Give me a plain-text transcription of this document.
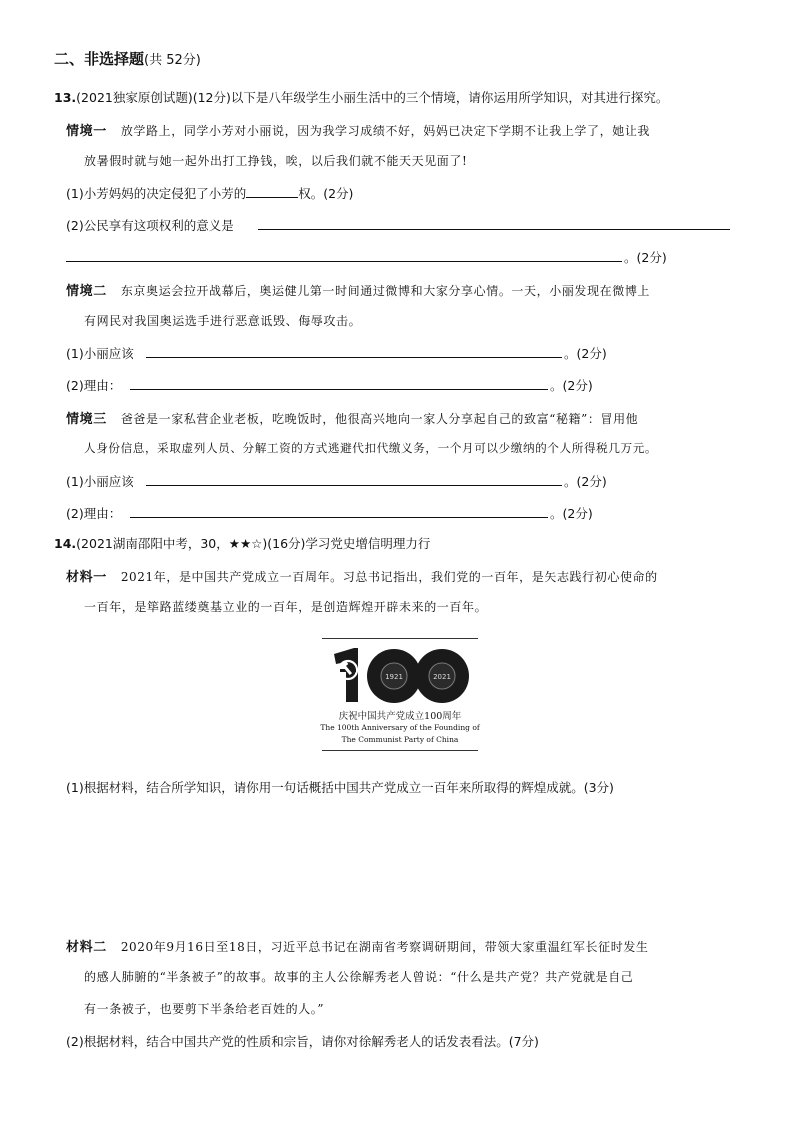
二、非选择题(共 52分)
13.(2021独家原创试题)(12分)以下是八年级学生小丽生活中的三个情境，请你运用所学知识，对其进行探究。
情境一 放学路上，同学小芳对小丽说，因为我学习成绩不好，妈妈已决定下学期不让我上学了，她让我
放暑假时就与她一起外出打工挣钱，唉，以后我们就不能天天见面了!
(1)小芳妈妈的决定侵犯了小芳的	权。(2分)
(2)公民享有这项权利的意义是
。(2分)
情境二 东京奥运会拉开战幕后，奥运健儿第一时间通过微博和大家分享心情。一天，小丽发现在微博上
有网民对我国奥运选手进行恶意诋毁、侮辱攻击。
(1)小丽应该	。(2分)
(2)理由：	。(2分)
情境三 爸爸是一家私营企业老板，吃晚饭时，他很高兴地向一家人分享起自己的致富“秘籍”：冒用他
人身份信息，采取虚列人员、分解工资的方式逃避代扣代缴义务，一个月可以少缴纳的个人所得税几万元。
(1)小丽应该	。(2分)
(2)理由：	。(2分)
14.(2021湖南邵阳中考，30，★★☆)(16分)学习党史增信明理力行
材料一 2021年，是中国共产党成立一百周年。习总书记指出，我们党的一百年，是矢志践行初心使命的
一百年，是筚路蓝缕奠基立业的一百年，是创造辉煌开辟未来的一百年。
1921	2021
庆祝中国共产党成立100周年
The 100th Anniversary of the Founding of
The Communist Party of China
(1)根据材料，结合所学知识，请你用一句话概括中国共产党成立一百年来所取得的辉煌成就。(3分)
材料二 2020年9月16日至18日，习近平总书记在湖南省考察调研期间，带领大家重温红军长征时发生
的感人肺腑的“半条被子”的故事。故事的主人公徐解秀老人曾说：“什么是共产党？共产党就是自己
有一条被子，也要剪下半条给老百姓的人。”
(2)根据材料，结合中国共产党的性质和宗旨，请你对徐解秀老人的话发表看法。(7分)
